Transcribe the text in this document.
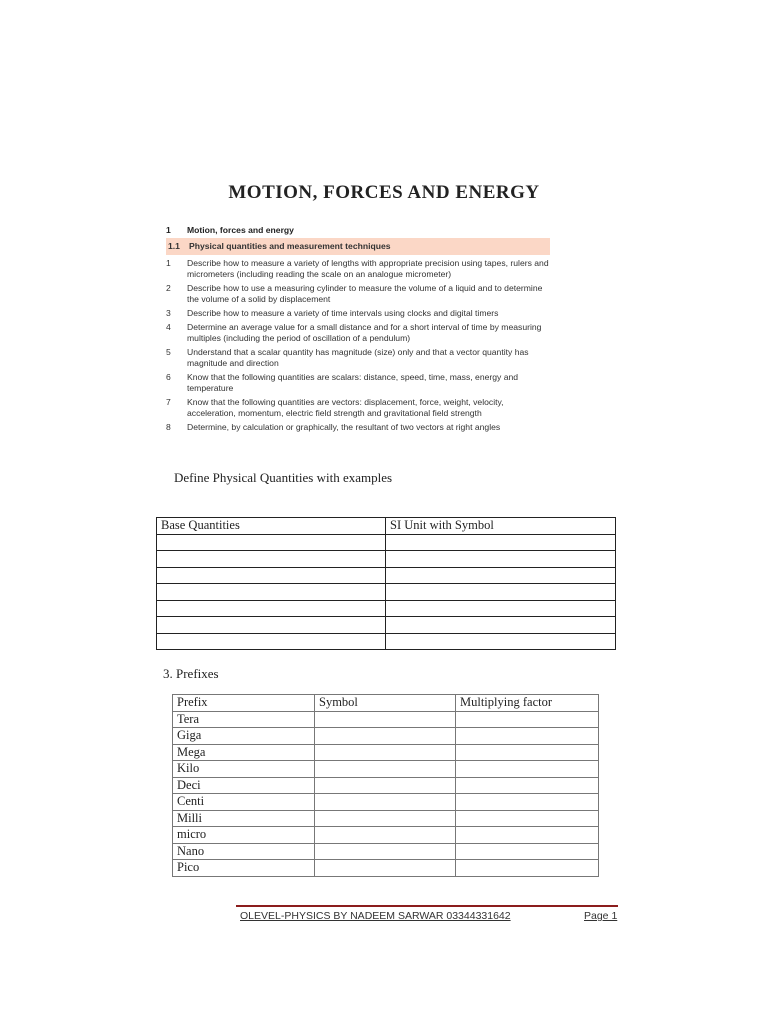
MOTION, FORCES AND ENERGY
1	Motion, forces and energy
1.1	Physical quantities and measurement techniques
1	Describe how to measure a variety of lengths with appropriate precision using tapes, rulers and micrometers (including reading the scale on an analogue micrometer)
2	Describe how to use a measuring cylinder to measure the volume of a liquid and to determine the volume of a solid by displacement
3	Describe how to measure a variety of time intervals using clocks and digital timers
4	Determine an average value for a small distance and for a short interval of time by measuring multiples (including the period of oscillation of a pendulum)
5	Understand that a scalar quantity has magnitude (size) only and that a vector quantity has magnitude and direction
6	Know that the following quantities are scalars: distance, speed, time, mass, energy and temperature
7	Know that the following quantities are vectors: displacement, force, weight, velocity, acceleration, momentum, electric field strength and gravitational field strength
8	Determine, by calculation or graphically, the resultant of two vectors at right angles
Define Physical Quantities with examples
Base Quantities	SI Unit with Symbol

3. Prefixes
Prefix	Symbol	Multiplying factor
Tera		
Giga		
Mega		
Kilo		
Deci		
Centi		
Milli		
micro		
Nano		
Pico		
OLEVEL-PHYSICS BY NADEEM SARWAR 03344331642	Page 1
